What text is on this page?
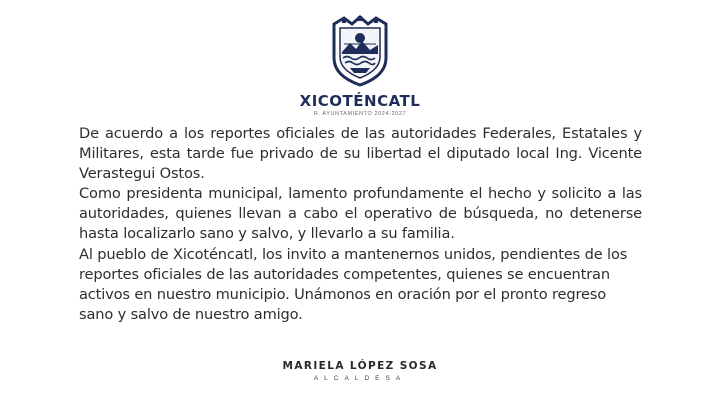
XICOTÉNCATL
R. AYUNTAMIENTO 2024-2027

De acuerdo a los reportes oficiales de las autoridades Federales, Estatales y Militares, esta tarde fue privado de su libertad el diputado local Ing. Vicente Verastegui Ostos.

Como presidenta municipal, lamento profundamente el hecho y solicito a las autoridades, quienes llevan a cabo el operativo de búsqueda, no detenerse hasta localizarlo sano y salvo, y llevarlo a su familia.

Al pueblo de Xicoténcatl, los invito a mantenernos unidos, pendientes de los reportes oficiales de las autoridades competentes, quienes se encuentran activos en nuestro municipio. Unámonos en oración por el pronto regreso sano y salvo de nuestro amigo.

MARIELA LÓPEZ SOSA
ALCALDESA
